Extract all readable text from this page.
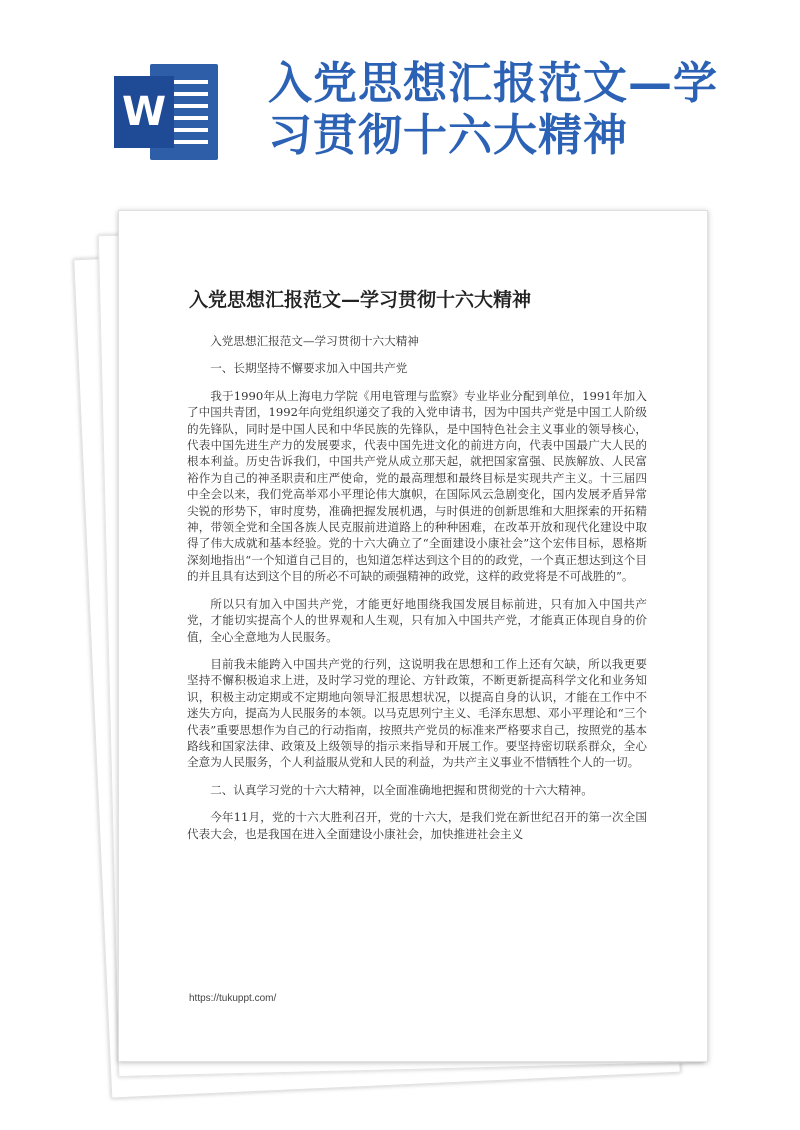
W
入党思想汇报范文—学习贯彻十六大精神
入党思想汇报范文—学习贯彻十六大精神

入党思想汇报范文—学习贯彻十六大精神

一、长期坚持不懈要求加入中国共产党

我于1990年从上海电力学院《用电管理与监察》专业毕业分配到单位，1991年加入了中国共青团，1992年向党组织递交了我的入党申请书，因为中国共产党是中国工人阶级的先锋队，同时是中国人民和中华民族的先锋队，是中国特色社会主义事业的领导核心，代表中国先进生产力的发展要求，代表中国先进文化的前进方向，代表中国最广大人民的根本利益。历史告诉我们，中国共产党从成立那天起，就把国家富强、民族解放、人民富裕作为自己的神圣职责和庄严使命，党的最高理想和最终目标是实现共产主义。十三届四中全会以来，我们党高举邓小平理论伟大旗帜，在国际风云急剧变化，国内发展矛盾异常尖锐的形势下，审时度势，准确把握发展机遇，与时俱进的创新思维和大胆探索的开拓精神，带领全党和全国各族人民克服前进道路上的种种困难，在改革开放和现代化建设中取得了伟大成就和基本经验。党的十六大确立了“全面建设小康社会”这个宏伟目标，恩格斯深刻地指出“一个知道自己目的，也知道怎样达到这个目的的政党，一个真正想达到这个目的并且具有达到这个目的所必不可缺的顽强精神的政党，这样的政党将是不可战胜的”。

所以只有加入中国共产党，才能更好地围绕我国发展目标前进，只有加入中国共产党，才能切实提高个人的世界观和人生观，只有加入中国共产党，才能真正体现自身的价值，全心全意地为人民服务。

目前我未能跨入中国共产党的行列，这说明我在思想和工作上还有欠缺，所以我更要坚持不懈积极追求上进，及时学习党的理论、方针政策，不断更新提高科学文化和业务知识，积极主动定期或不定期地向领导汇报思想状况，以提高自身的认识，才能在工作中不迷失方向，提高为人民服务的本领。以马克思列宁主义、毛泽东思想、邓小平理论和“三个代表”重要思想作为自己的行动指南，按照共产党员的标准来严格要求自己，按照党的基本路线和国家法律、政策及上级领导的指示来指导和开展工作。要坚持密切联系群众，全心全意为人民服务，个人利益服从党和人民的利益，为共产主义事业不惜牺牲个人的一切。

二、认真学习党的十六大精神，以全面准确地把握和贯彻党的十六大精神。

今年11月，党的十六大胜利召开，党的十六大，是我们党在新世纪召开的第一次全国代表大会，也是我国在进入全面建设小康社会，加快推进社会主义

https://tukuppt.com/
